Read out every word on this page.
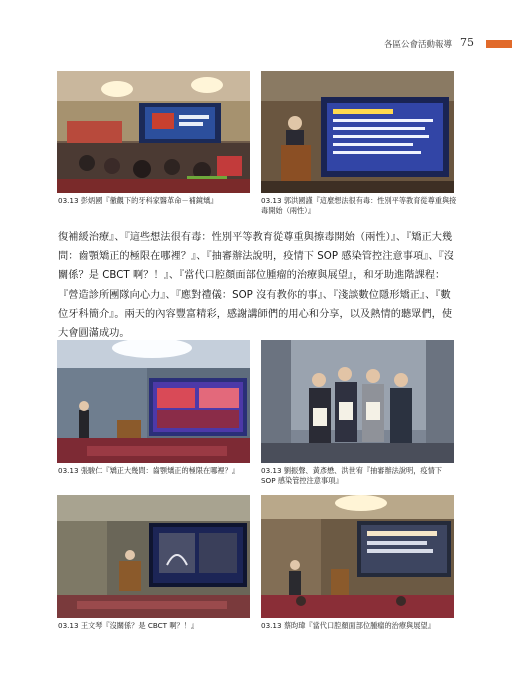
各區公會活動報導 75
03.13 彭炳國『徹觀下的牙科家醫革命－補鏡矯』	03.13 郭洪國謹『這麼想法很有毒：性別平等教育從尊重與接毒開始（兩性）』
復補緩治療』、『這些想法很有毒：性別平等教育從尊重與擦毒開始（兩性）』、『矯正大幾問：齒顎矯正的極限在哪裡？』、『抽審辦法說明，疫情下 SOP 感染管控注意事項』、『沒關係？是 CBCT 啊？！』、『當代口腔顏面部位腫瘤的治療與展望』，和牙助進階課程：『營造診所團隊向心力』、『應對禮儀：SOP 沒有教你的事』、『淺談數位隱形矯正』、『數位牙科簡介』。兩天的內容豐富精彩，感謝講師們的用心和分享，以及熱情的聽眾們，使大會圓滿成功。
03.13 張駿仁『矯正大幾問：齒顎矯正的極限在哪裡？』	03.13 劉振聲、黃彥懋、洪世宥『抽審辦法說明，疫情下 SOP 感染管控注意事項』
03.13 王文琴『沒關係？是 CBCT 啊？！』	03.13 蔡昀瑋『當代口腔顏面部位腫瘤的治療與展望』
